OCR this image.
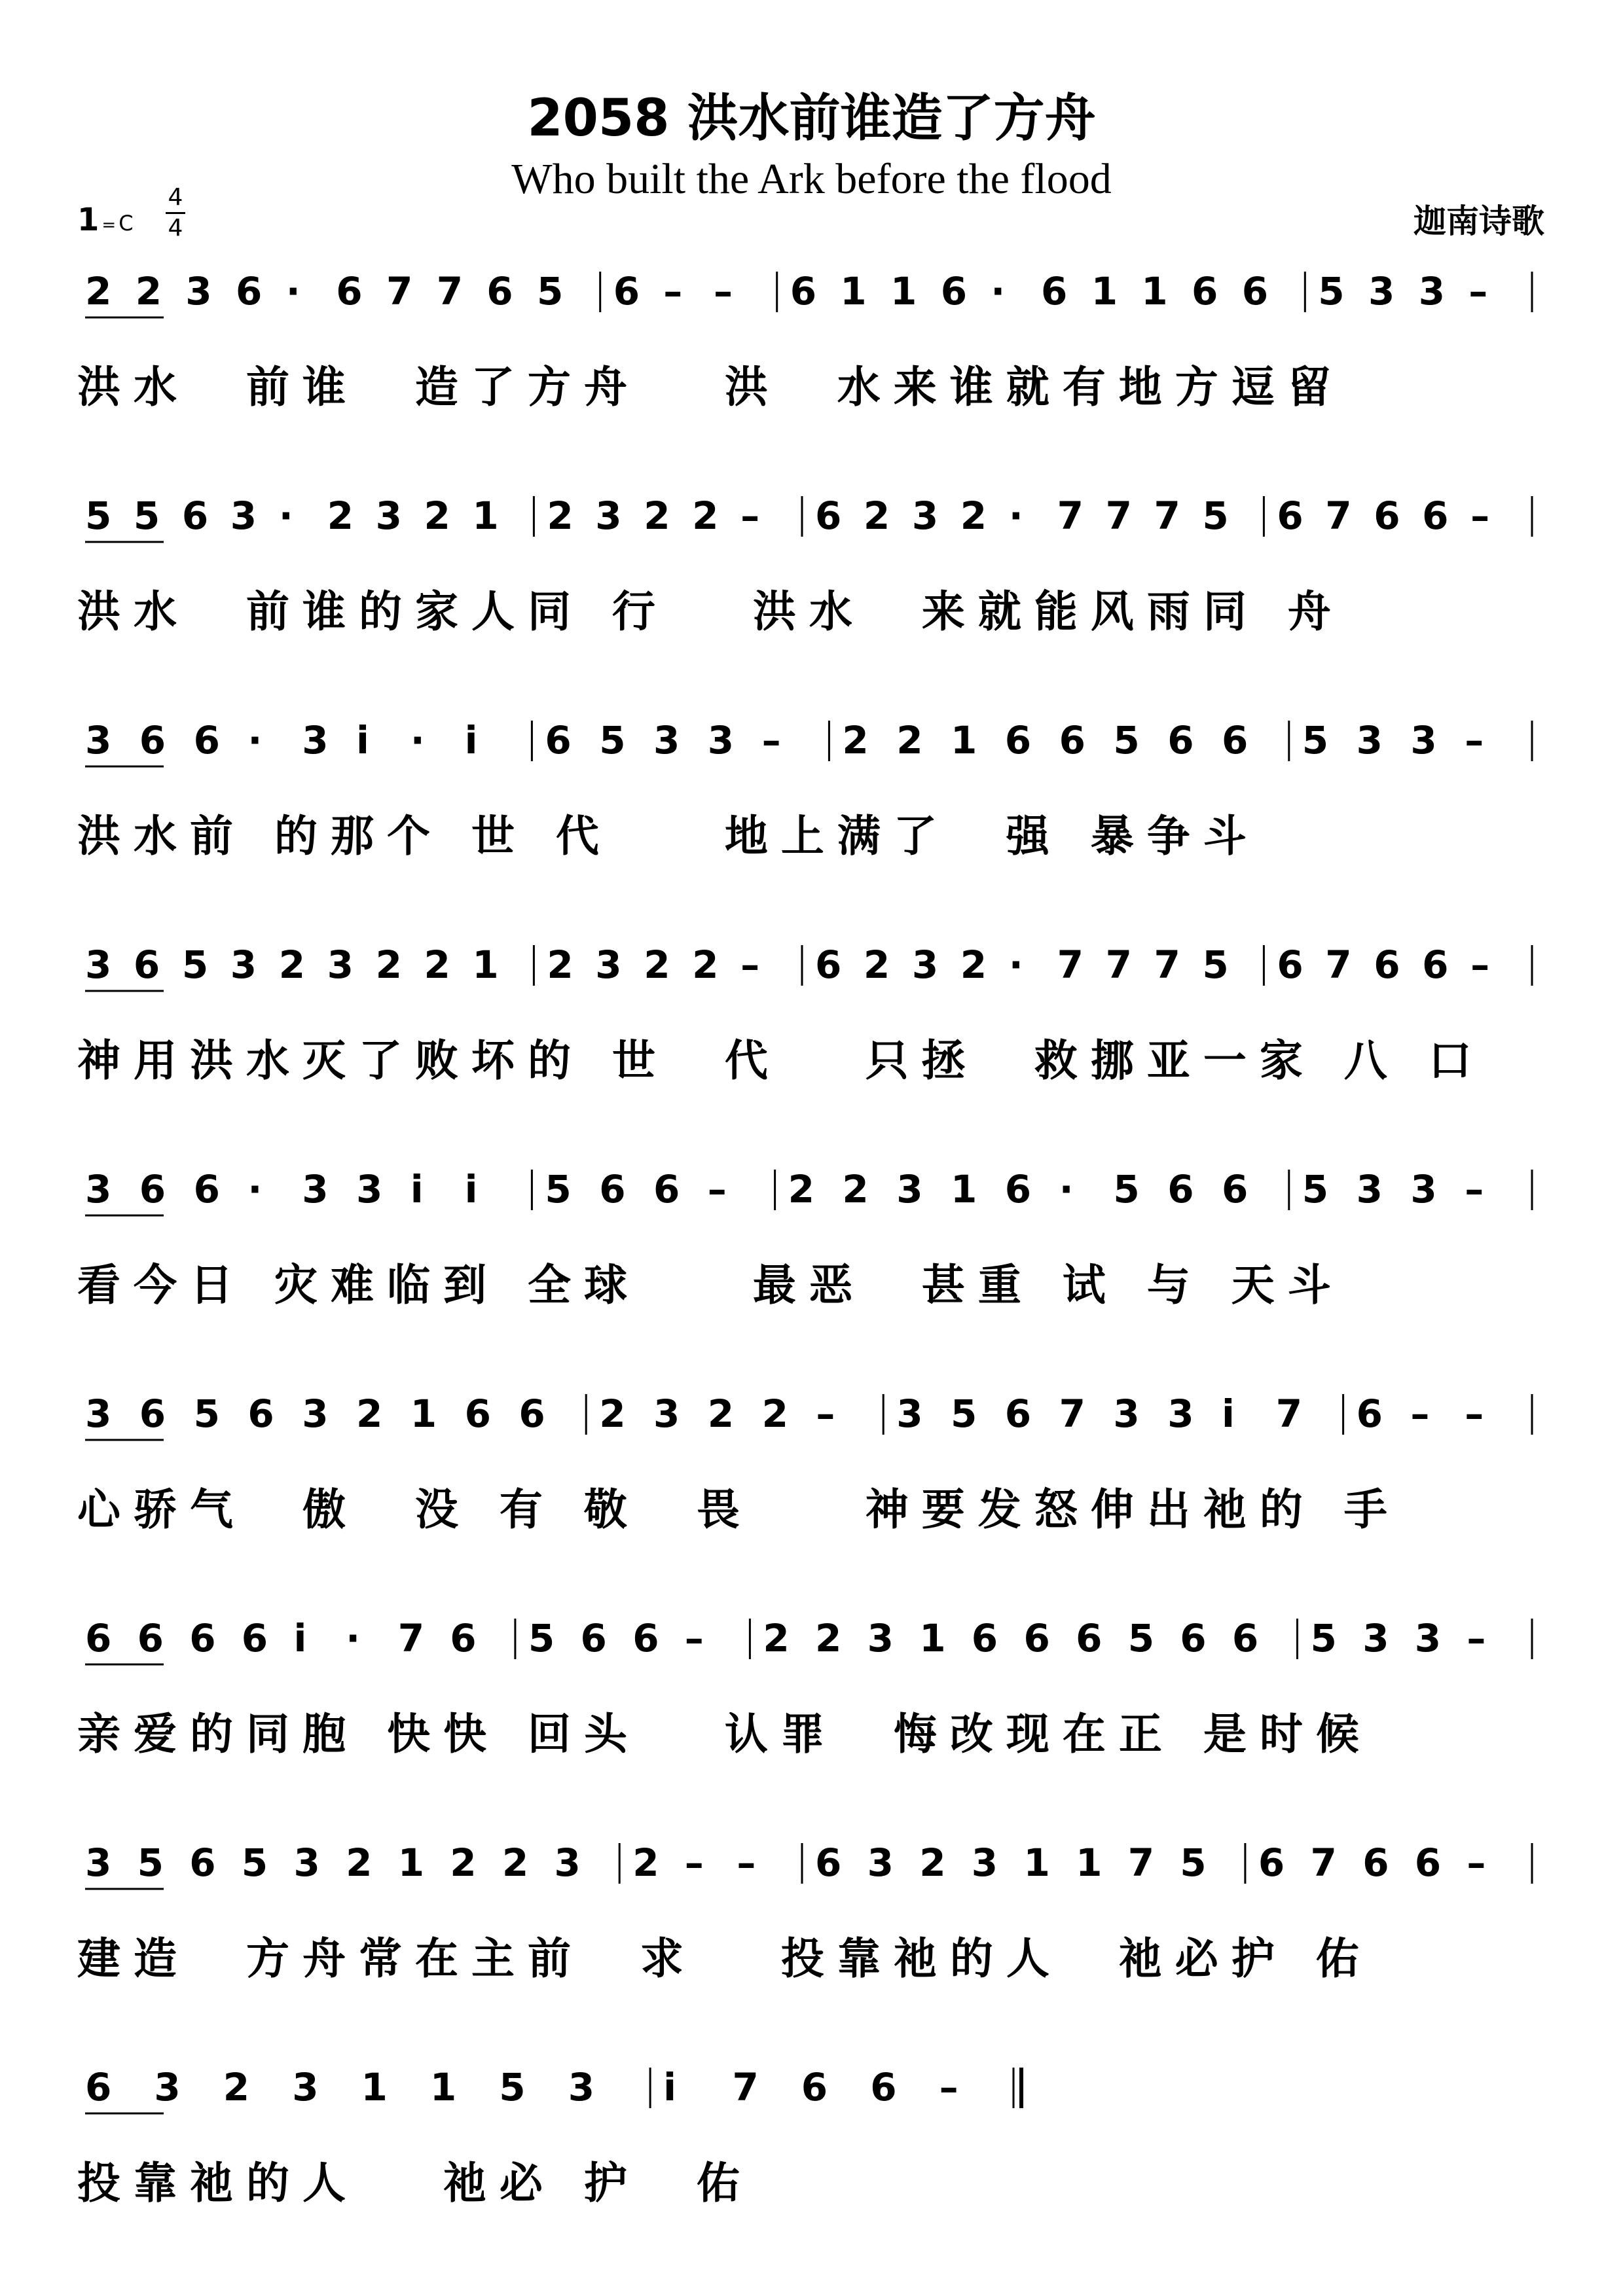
2058 洪水前谁造了方舟
Who built the Ark before the flood
迦南诗歌
1 = C
4
4
2 2 3 6 · 6 7 7 6 5 6 – – 6 1 1 6 · 6 1 1 6 6 5 3 3 –
洪水  前谁  造了方舟   洪  水来谁就有地方逗留
5 5 6 3 · 2 3 2 1 2 3 2 2 – 6 2 3 2 · 7 7 7 5 6 7 6 6 –
洪水  前谁的家人同 行   洪水  来就能风雨同 舟
3 6 6 · 3 i · i 6 5 3 3 – 2 2 1 6 6 5 6 6 5 3 3 –
洪水前 的那个 世 代    地上满了  强 暴争斗
3 6 5 3 2 3 2 2 1 2 3 2 2 – 6 2 3 2 · 7 7 7 5 6 7 6 6 –
神用洪水灭了败坏的 世  代   只拯  救挪亚一家 八 口
3 6 6 · 3 3 i i 5 6 6 – 2 2 3 1 6 · 5 6 6 5 3 3 –
看今日 灾难临到 全球    最恶  甚重 试 与 天斗
3 6 5 6 3 2 1 6 6 2 3 2 2 – 3 5 6 7 3 3 i 7 6 – –
心骄气  傲  没 有 敬  畏    神要发怒伸出祂的 手
6 6 6 6 i · 7 6 5 6 6 – 2 2 3 1 6 6 6 5 6 6 5 3 3 –
亲爱的同胞 快快 回头   认罪  悔改现在正 是时候
3 5 6 5 3 2 1 2 2 3 2 – – 6 3 2 3 1 1 7 5 6 7 6 6 –
建造  方舟常在主前  求   投靠祂的人  祂必护 佑
6 3 2 3 1 1 5 3 i 7 6 6 –
投靠祂的人   祂必 护  佑
